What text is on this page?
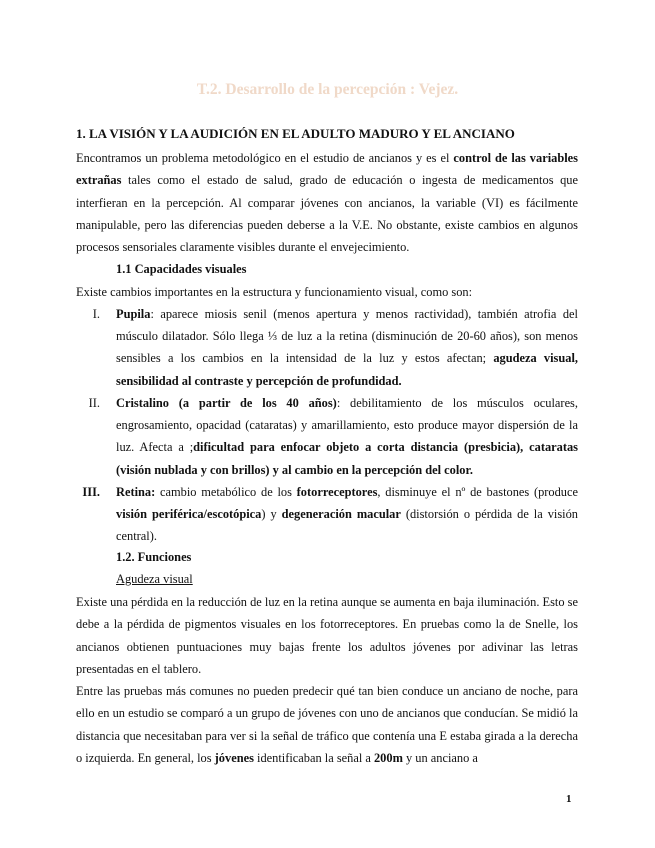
T.2. Desarrollo de la percepción : Vejez.
1. LA VISIÓN Y LA AUDICIÓN EN EL ADULTO MADURO Y EL ANCIANO

Encontramos un problema metodológico en el estudio de ancianos y es el control de las variables extrañas tales como el estado de salud, grado de educación o ingesta de medicamentos que interfieran en la percepción. Al comparar jóvenes con ancianos, la variable (VI) es fácilmente manipulable, pero las diferencias pueden deberse a la V.E. No obstante, existe cambios en algunos procesos sensoriales claramente visibles durante el envejecimiento.

1.1 Capacidades visuales

Existe cambios importantes en la estructura y funcionamiento visual, como son:

I. Pupila: aparece miosis senil (menos apertura y menos ractividad), también atrofia del músculo dilatador. Sólo llega ⅓ de luz a la retina (disminución de 20-60 años), son menos sensibles a los cambios en la intensidad de la luz y estos afectan; agudeza visual, sensibilidad al contraste y percepción de profundidad.

II. Cristalino (a partir de los 40 años): debilitamiento de los músculos oculares, engrosamiento, opacidad (cataratas) y amarillamiento, esto produce mayor dispersión de la luz. Afecta a ;dificultad para enfocar objeto a corta distancia (presbicia), cataratas (visión nublada y con brillos) y al cambio en la percepción del color.

III. Retina: cambio metabólico de los fotorreceptores, disminuye el nº de bastones (produce visión periférica/escotópica) y degeneración macular (distorsión o pérdida de la visión central).

1.2. Funciones
Agudeza visual

Existe una pérdida en la reducción de luz en la retina aunque se aumenta en baja iluminación. Esto se debe a la pérdida de pigmentos visuales en los fotorreceptores. En pruebas como la de Snelle, los ancianos obtienen puntuaciones muy bajas frente los adultos jóvenes por adivinar las letras presentadas en el tablero.

Entre las pruebas más comunes no pueden predecir qué tan bien conduce un anciano de noche, para ello en un estudio se comparó a un grupo de jóvenes con uno de ancianos que conducían. Se midió la distancia que necesitaban para ver si la señal de tráfico que contenía una E estaba girada a la derecha o izquierda. En general, los jóvenes identificaban la señal a 200m y un anciano a

1
